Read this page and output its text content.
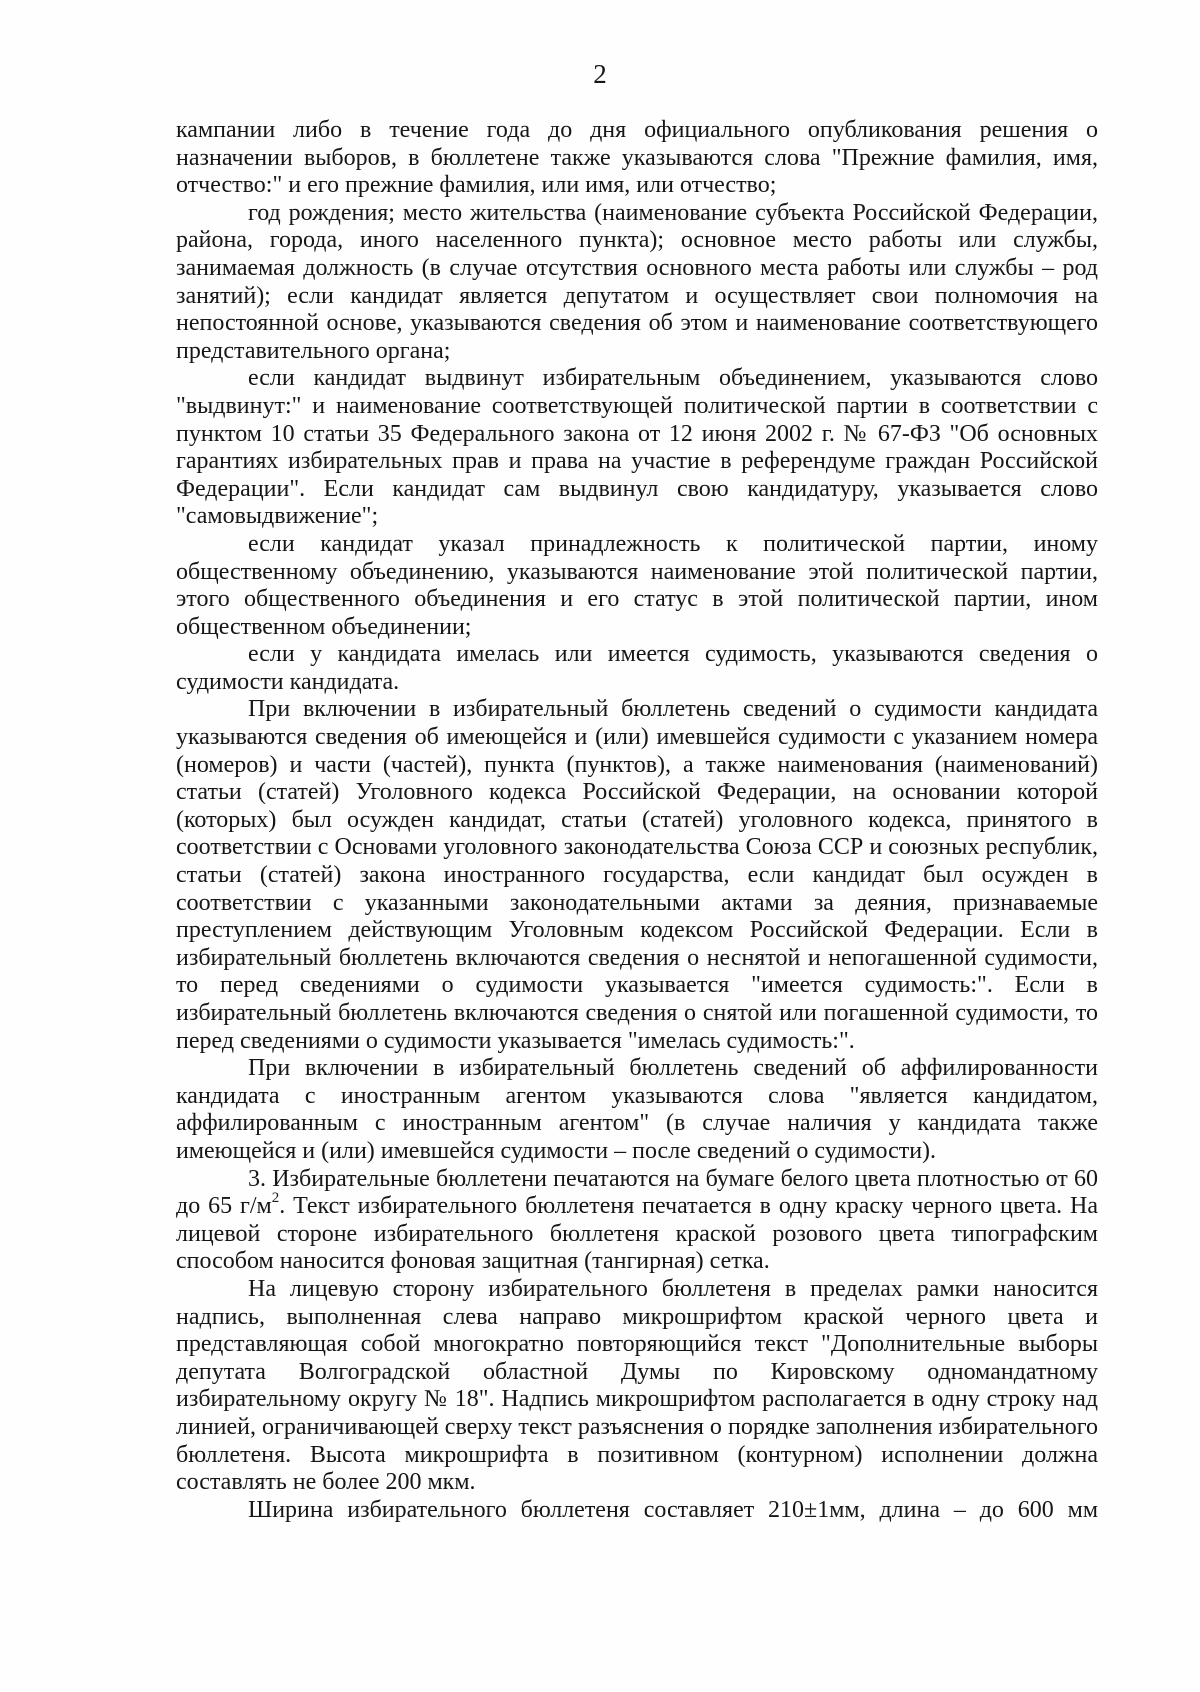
2

кампании либо в течение года до дня официального опубликования решения о назначении выборов, в бюллетене также указываются слова "Прежние фамилия, имя, отчество:" и его прежние фамилия, или имя, или отчество;

год рождения; место жительства (наименование субъекта Российской Федерации, района, города, иного населенного пункта); основное место работы или службы, занимаемая должность (в случае отсутствия основного места работы или службы – род занятий); если кандидат является депутатом и осуществляет свои полномочия на непостоянной основе, указываются сведения об этом и наименование соответствующего представительного органа;

если кандидат выдвинут избирательным объединением, указываются слово "выдвинут:" и наименование соответствующей политической партии в соответствии с пунктом 10 статьи 35 Федерального закона от 12 июня 2002 г. № 67-ФЗ "Об основных гарантиях избирательных прав и права на участие в референдуме граждан Российской Федерации". Если кандидат сам выдвинул свою кандидатуру, указывается слово "самовыдвижение";

если кандидат указал принадлежность к политической партии, иному общественному объединению, указываются наименование этой политической партии, этого общественного объединения и его статус в этой политической партии, ином общественном объединении;

если у кандидата имелась или имеется судимость, указываются сведения о судимости кандидата.

При включении в избирательный бюллетень сведений о судимости кандидата указываются сведения об имеющейся и (или) имевшейся судимости с указанием номера (номеров) и части (частей), пункта (пунктов), а также наименования (наименований) статьи (статей) Уголовного кодекса Российской Федерации, на основании которой (которых) был осужден кандидат, статьи (статей) уголовного кодекса, принятого в соответствии с Основами уголовного законодательства Союза ССР и союзных республик, статьи (статей) закона иностранного государства, если кандидат был осужден в соответствии с указанными законодательными актами за деяния, признаваемые преступлением действующим Уголовным кодексом Российской Федерации. Если в избирательный бюллетень включаются сведения о неснятой и непогашенной судимости, то перед сведениями о судимости указывается "имеется судимость:". Если в избирательный бюллетень включаются сведения о снятой или погашенной судимости, то перед сведениями о судимости указывается "имелась судимость:".

При включении в избирательный бюллетень сведений об аффилированности кандидата с иностранным агентом указываются слова "является кандидатом, аффилированным с иностранным агентом" (в случае наличия у кандидата также имеющейся и (или) имевшейся судимости – после сведений о судимости).

3. Избирательные бюллетени печатаются на бумаге белого цвета плотностью от 60 до 65 $г/м^2$. Текст избирательного бюллетеня печатается в одну краску черного цвета. На лицевой стороне избирательного бюллетеня краской розового цвета типографским способом наносится фоновая защитная (тангирная) сетка.

На лицевую сторону избирательного бюллетеня в пределах рамки наносится надпись, выполненная слева направо микрошрифтом краской черного цвета и представляющая собой многократно повторяющийся текст "Дополнительные выборы депутата Волгоградской областной Думы по Кировскому одномандатному избирательному округу № 18". Надпись микрошрифтом располагается в одну строку над линией, ограничивающей сверху текст разъяснения о порядке заполнения избирательного бюллетеня. Высота микрошрифта в позитивном (контурном) исполнении должна составлять не более 200 мкм.

Ширина избирательного бюллетеня составляет 210±1мм, длина – до 600 мм
